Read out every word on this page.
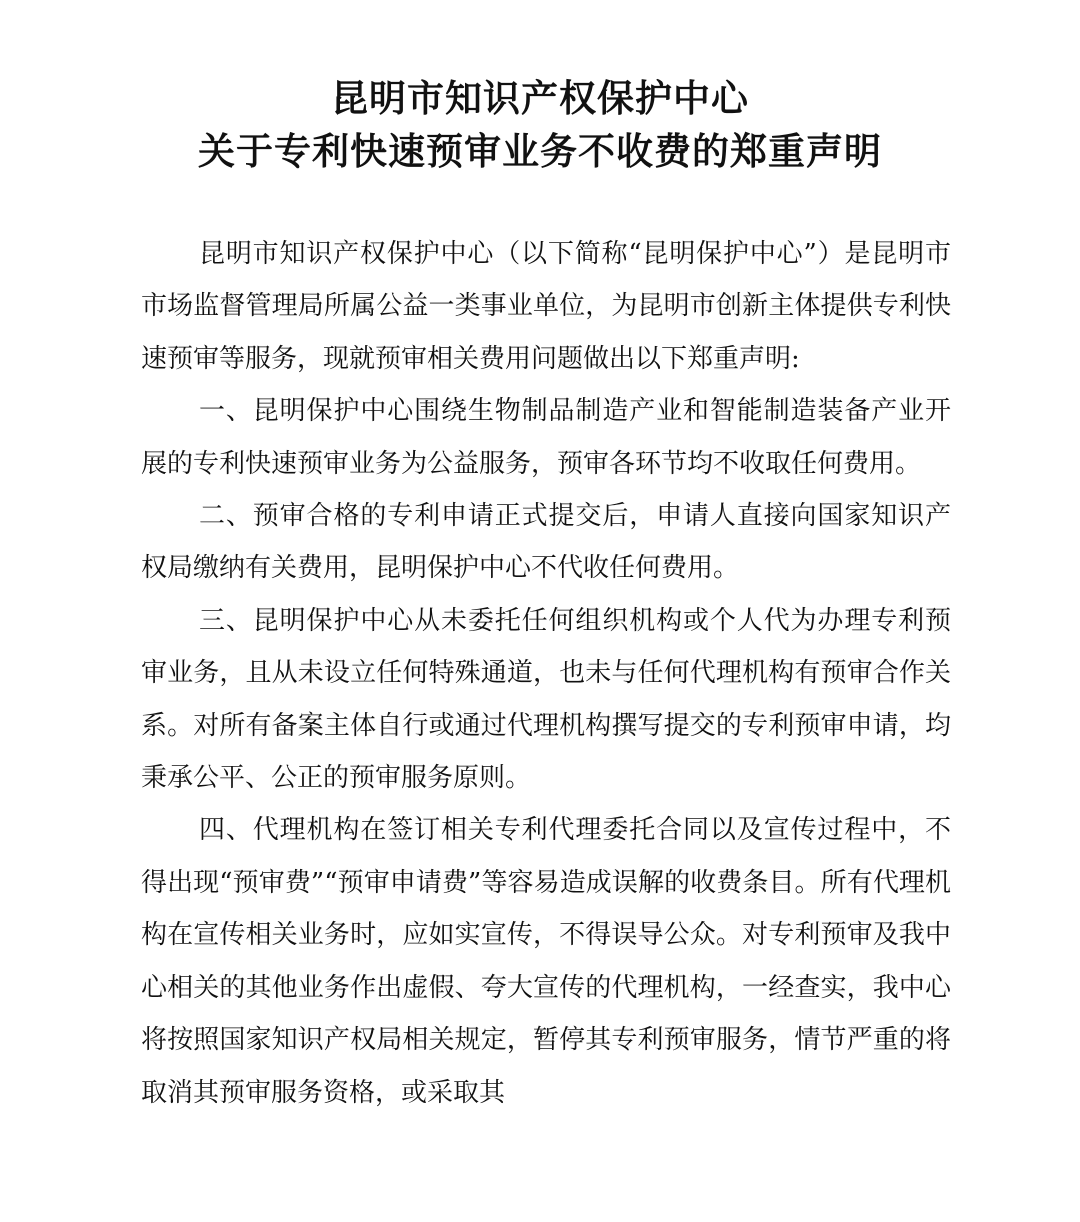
昆明市知识产权保护中心
关于专利快速预审业务不收费的郑重声明

昆明市知识产权保护中心（以下简称“昆明保护中心”）是昆明市市场监督管理局所属公益一类事业单位，为昆明市创新主体提供专利快速预审等服务，现就预审相关费用问题做出以下郑重声明:

一、昆明保护中心围绕生物制品制造产业和智能制造装备产业开展的专利快速预审业务为公益服务，预审各环节均不收取任何费用。

二、预审合格的专利申请正式提交后，申请人直接向国家知识产权局缴纳有关费用，昆明保护中心不代收任何费用。

三、昆明保护中心从未委托任何组织机构或个人代为办理专利预审业务，且从未设立任何特殊通道，也未与任何代理机构有预审合作关系。对所有备案主体自行或通过代理机构撰写提交的专利预审申请，均秉承公平、公正的预审服务原则。

四、代理机构在签订相关专利代理委托合同以及宣传过程中，不得出现“预审费”“预审申请费”等容易造成误解的收费条目。所有代理机构在宣传相关业务时，应如实宣传，不得误导公众。对专利预审及我中心相关的其他业务作出虚假、夸大宣传的代理机构，一经查实，我中心将按照国家知识产权局相关规定，暂停其专利预审服务，情节严重的将取消其预审服务资格，或采取其
